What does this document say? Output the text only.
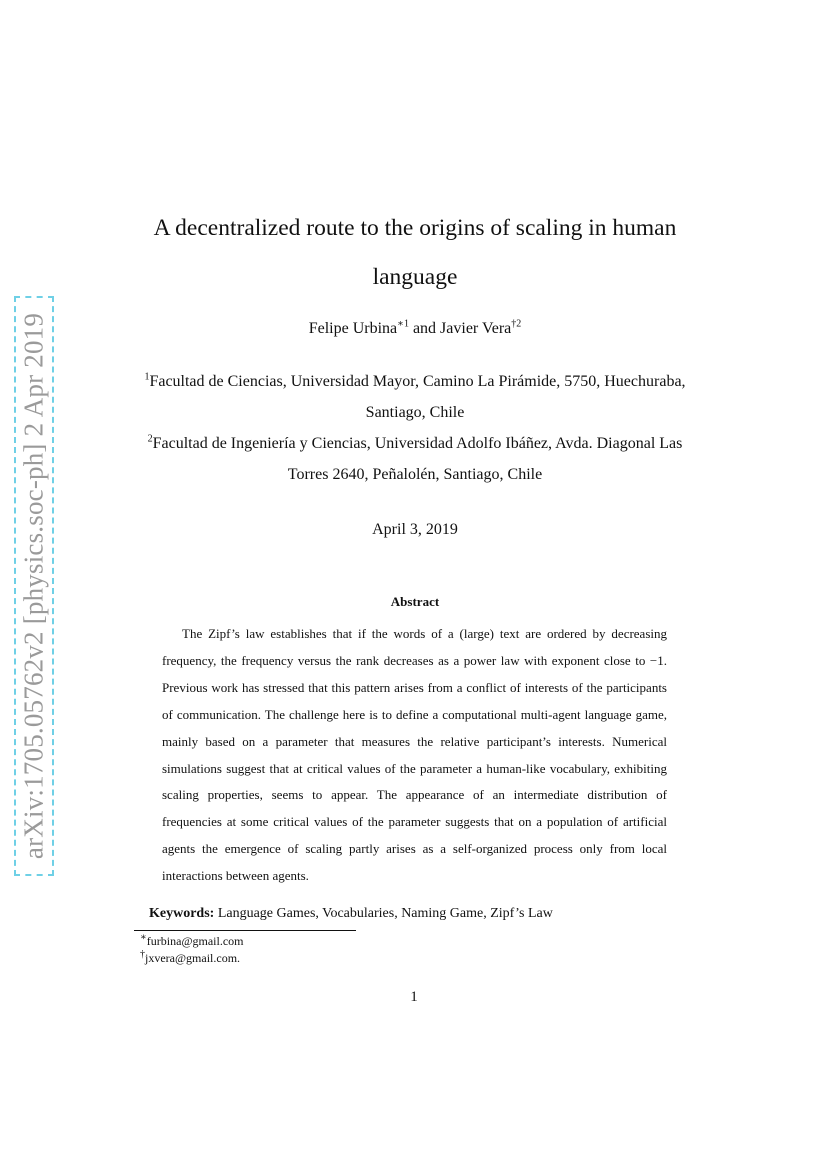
arXiv:1705.05762v2 [physics.soc-ph] 2 Apr 2019
A decentralized route to the origins of scaling in human language
Felipe Urbina$^{∗1}$ and Javier Vera$^{\dagger 2}$
$^1$Facultad de Ciencias, Universidad Mayor, Camino La Pirámide, 5750, Huechuraba, Santiago, Chile
$^2$Facultad de Ingeniería y Ciencias, Universidad Adolfo Ibáñez, Avda. Diagonal Las Torres 2640, Peñalolén, Santiago, Chile
April 3, 2019
Abstract

The Zipf’s law establishes that if the words of a (large) text are ordered by decreasing frequency, the frequency versus the rank decreases as a power law with exponent close to −1. Previous work has stressed that this pattern arises from a conflict of interests of the participants of communication. The challenge here is to define a computational multi-agent language game, mainly based on a parameter that measures the relative participant’s interests. Numerical simulations suggest that at critical values of the parameter a human-like vocabulary, exhibiting scaling properties, seems to appear. The appearance of an intermediate distribution of frequencies at some critical values of the parameter suggests that on a population of artificial agents the emergence of scaling partly arises as a self-organized process only from local interactions between agents.

Keywords: Language Games, Vocabularies, Naming Game, Zipf’s Law
∗furbina@gmail.com
†jxvera@gmail.com.
1
